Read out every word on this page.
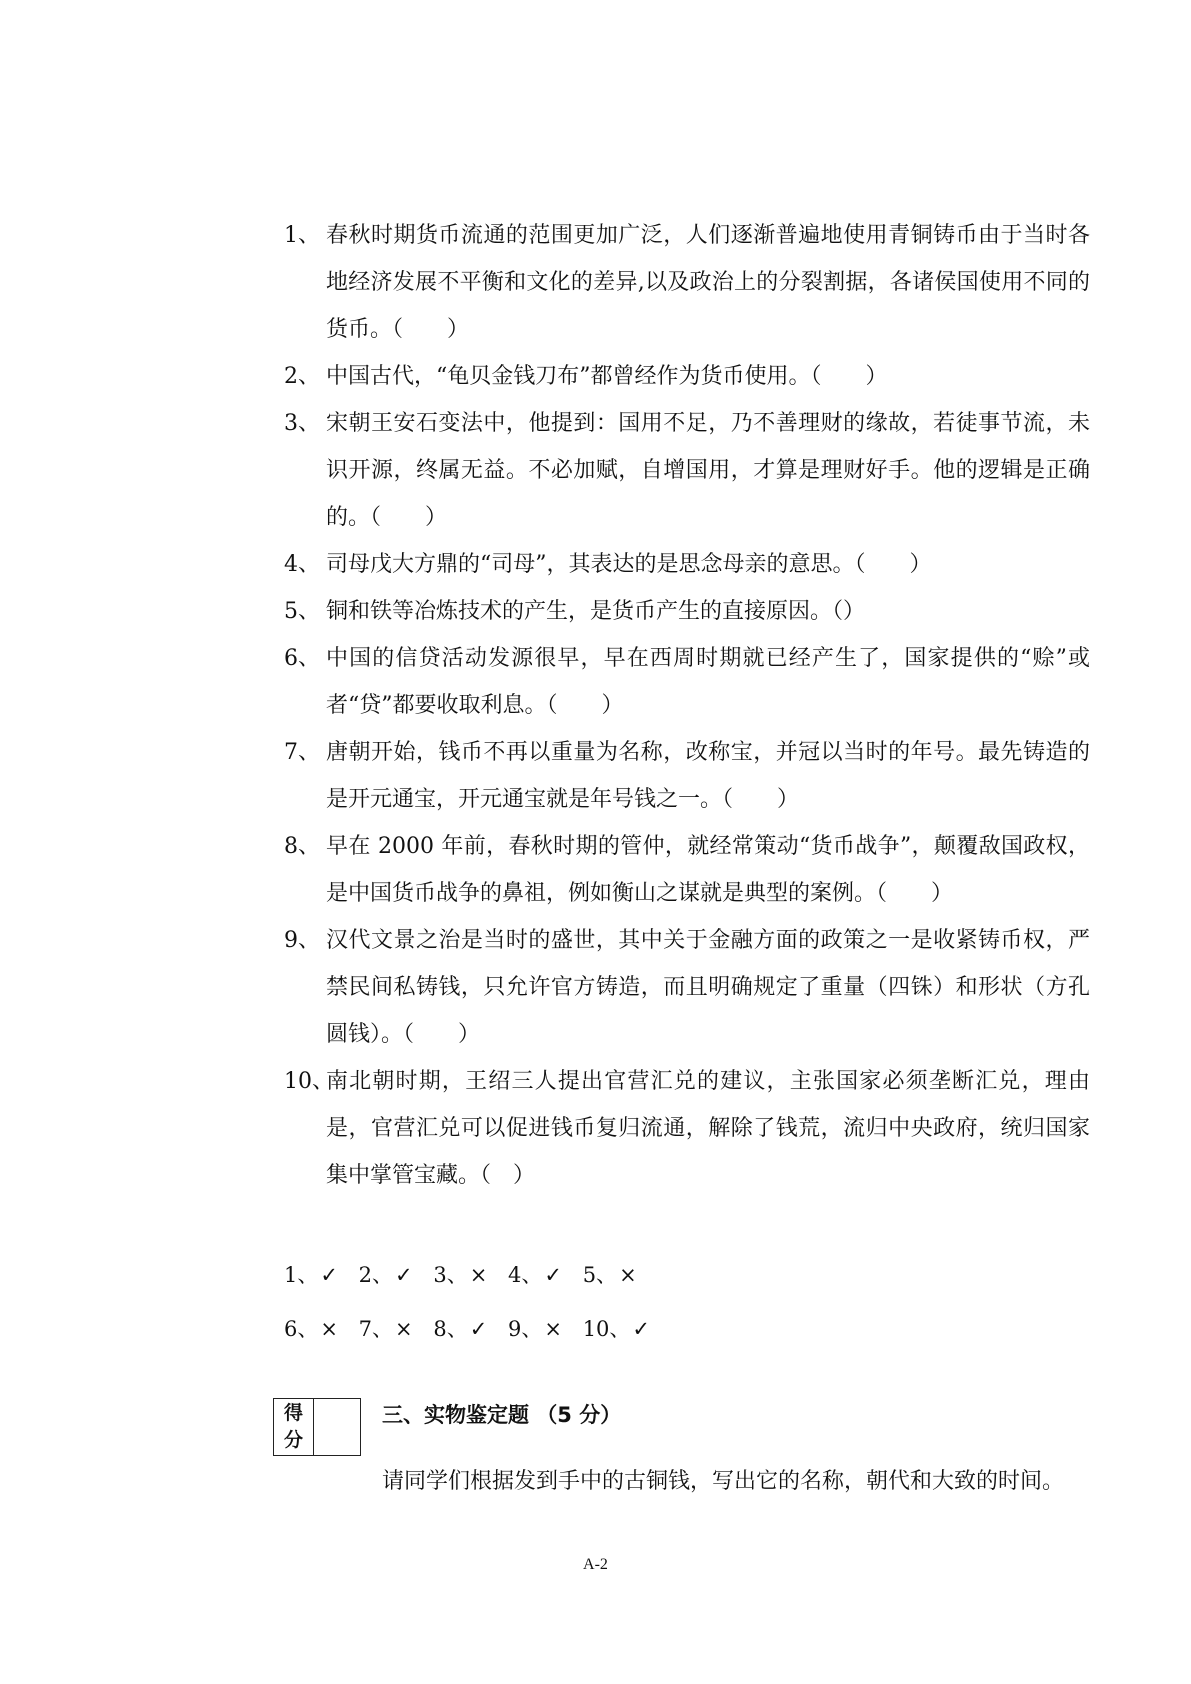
1、 春秋时期货币流通的范围更加广泛，人们逐渐普遍地使用青铜铸币由于当时各地经济发展不平衡和文化的差异,以及政治上的分裂割据，各诸侯国使用不同的货币。（　　）
2、 中国古代，“龟贝金钱刀布”都曾经作为货币使用。（　　）
3、 宋朝王安石变法中，他提到：国用不足，乃不善理财的缘故，若徒事节流，未识开源，终属无益。不必加赋，自增国用，才算是理财好手。他的逻辑是正确的。（　　）
4、 司母戊大方鼎的“司母”，其表达的是思念母亲的意思。（　　）
5、 铜和铁等冶炼技术的产生，是货币产生的直接原因。（）
6、 中国的信贷活动发源很早，早在西周时期就已经产生了，国家提供的“赊”或者“贷”都要收取利息。（　　）
7、 唐朝开始，钱币不再以重量为名称，改称宝，并冠以当时的年号。最先铸造的是开元通宝，开元通宝就是年号钱之一。（　　）
8、 早在 2000 年前，春秋时期的管仲，就经常策动“货币战争”，颠覆敌国政权，是中国货币战争的鼻祖，例如衡山之谋就是典型的案例。（　　）
9、 汉代文景之治是当时的盛世，其中关于金融方面的政策之一是收紧铸币权，严禁民间私铸钱，只允许官方铸造，而且明确规定了重量（四铢）和形状（方孔圆钱）。（　　）
10、
南北朝时期，王绍三人提出官营汇兑的建议，主张国家必须垄断汇兑，理由是，官营汇兑可以促进钱币复归流通，解除了钱荒，流归中央政府，统归国家集中掌管宝藏。（　）
1、✓ 2、✓ 3、× 4、✓ 5、×
6、× 7、× 8、✓ 9、× 10、✓
得
分
三、实物鉴定题 （5 分）
请同学们根据发到手中的古铜钱，写出它的名称，朝代和大致的时间。
A-2
